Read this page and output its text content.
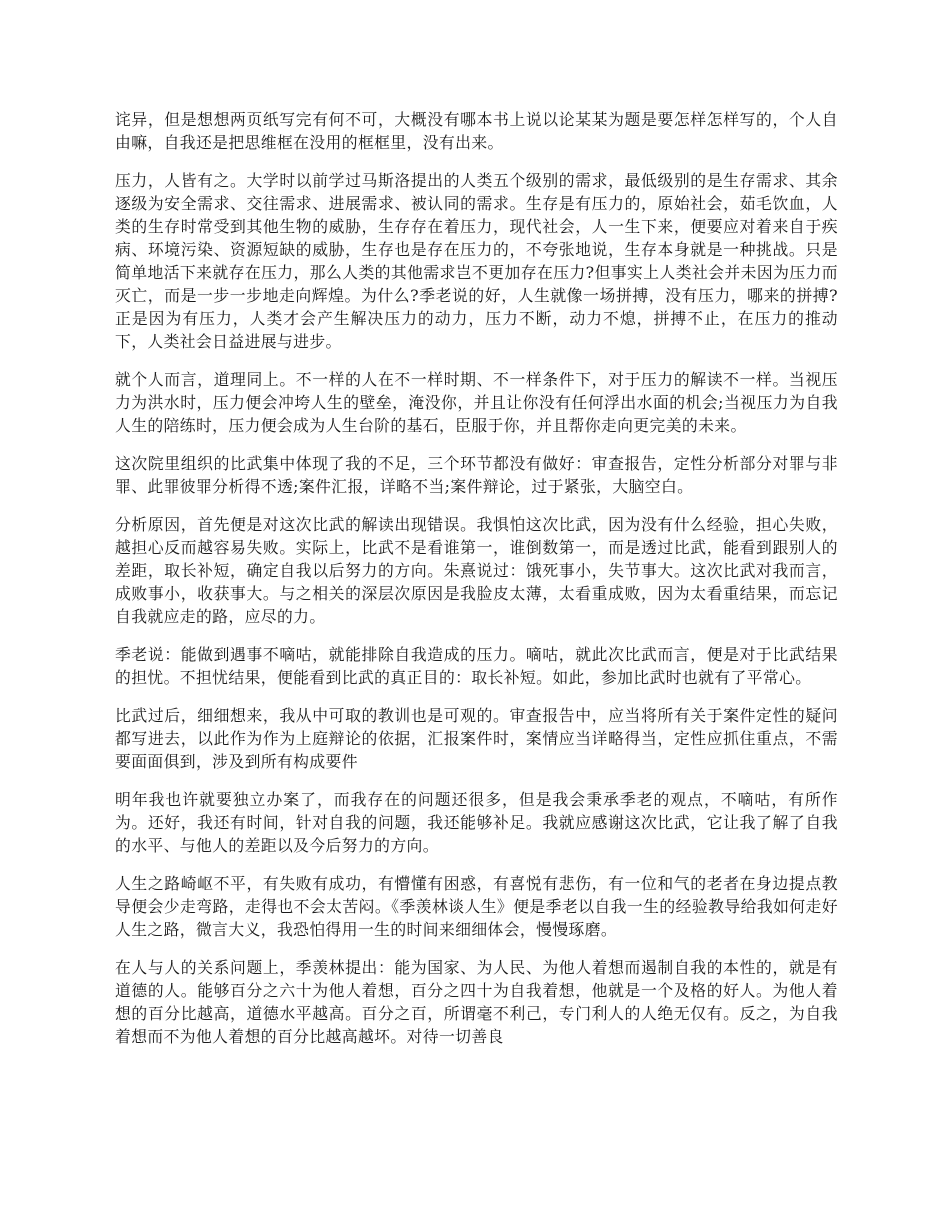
诧异，但是想想两页纸写完有何不可，大概没有哪本书上说以论某某为题是要怎样怎样写的，个人自由嘛，自我还是把思维框在没用的框框里，没有出来。

压力，人皆有之。大学时以前学过马斯洛提出的人类五个级别的需求，最低级别的是生存需求、其余逐级为安全需求、交往需求、进展需求、被认同的需求。生存是有压力的，原始社会，茹毛饮血，人类的生存时常受到其他生物的威胁，生存存在着压力，现代社会，人一生下来，便要应对着来自于疾病、环境污染、资源短缺的威胁，生存也是存在压力的，不夸张地说，生存本身就是一种挑战。只是简单地活下来就存在压力，那么人类的其他需求岂不更加存在压力?但事实上人类社会并未因为压力而灭亡，而是一步一步地走向辉煌。为什么?季老说的好，人生就像一场拼搏，没有压力，哪来的拼搏?正是因为有压力，人类才会产生解决压力的动力，压力不断，动力不熄，拼搏不止，在压力的推动下，人类社会日益进展与进步。

就个人而言，道理同上。不一样的人在不一样时期、不一样条件下，对于压力的解读不一样。当视压力为洪水时，压力便会冲垮人生的壁垒，淹没你，并且让你没有任何浮出水面的机会;当视压力为自我人生的陪练时，压力便会成为人生台阶的基石，臣服于你，并且帮你走向更完美的未来。

这次院里组织的比武集中体现了我的不足，三个环节都没有做好：审查报告，定性分析部分对罪与非罪、此罪彼罪分析得不透;案件汇报，详略不当;案件辩论，过于紧张，大脑空白。

分析原因，首先便是对这次比武的解读出现错误。我惧怕这次比武，因为没有什么经验，担心失败，越担心反而越容易失败。实际上，比武不是看谁第一，谁倒数第一，而是透过比武，能看到跟别人的差距，取长补短，确定自我以后努力的方向。朱熹说过：饿死事小，失节事大。这次比武对我而言，成败事小，收获事大。与之相关的深层次原因是我脸皮太薄，太看重成败，因为太看重结果，而忘记自我就应走的路，应尽的力。

季老说：能做到遇事不嘀咕，就能排除自我造成的压力。嘀咕，就此次比武而言，便是对于比武结果的担忧。不担忧结果，便能看到比武的真正目的：取长补短。如此，参加比武时也就有了平常心。

比武过后，细细想来，我从中可取的教训也是可观的。审查报告中，应当将所有关于案件定性的疑问都写进去，以此作为作为上庭辩论的依据，汇报案件时，案情应当详略得当，定性应抓住重点，不需要面面俱到，涉及到所有构成要件

明年我也许就要独立办案了，而我存在的问题还很多，但是我会秉承季老的观点，不嘀咕，有所作为。还好，我还有时间，针对自我的问题，我还能够补足。我就应感谢这次比武，它让我了解了自我的水平、与他人的差距以及今后努力的方向。

人生之路崎岖不平，有失败有成功，有懵懂有困惑，有喜悦有悲伤，有一位和气的老者在身边提点教导便会少走弯路，走得也不会太苦闷。《季羡林谈人生》便是季老以自我一生的经验教导给我如何走好人生之路，微言大义，我恐怕得用一生的时间来细细体会，慢慢琢磨。

在人与人的关系问题上，季羡林提出：能为国家、为人民、为他人着想而遏制自我的本性的，就是有道德的人。能够百分之六十为他人着想，百分之四十为自我着想，他就是一个及格的好人。为他人着想的百分比越高，道德水平越高。百分之百，所谓毫不利己，专门利人的人绝无仅有。反之，为自我着想而不为他人着想的百分比越高越坏。对待一切善良
